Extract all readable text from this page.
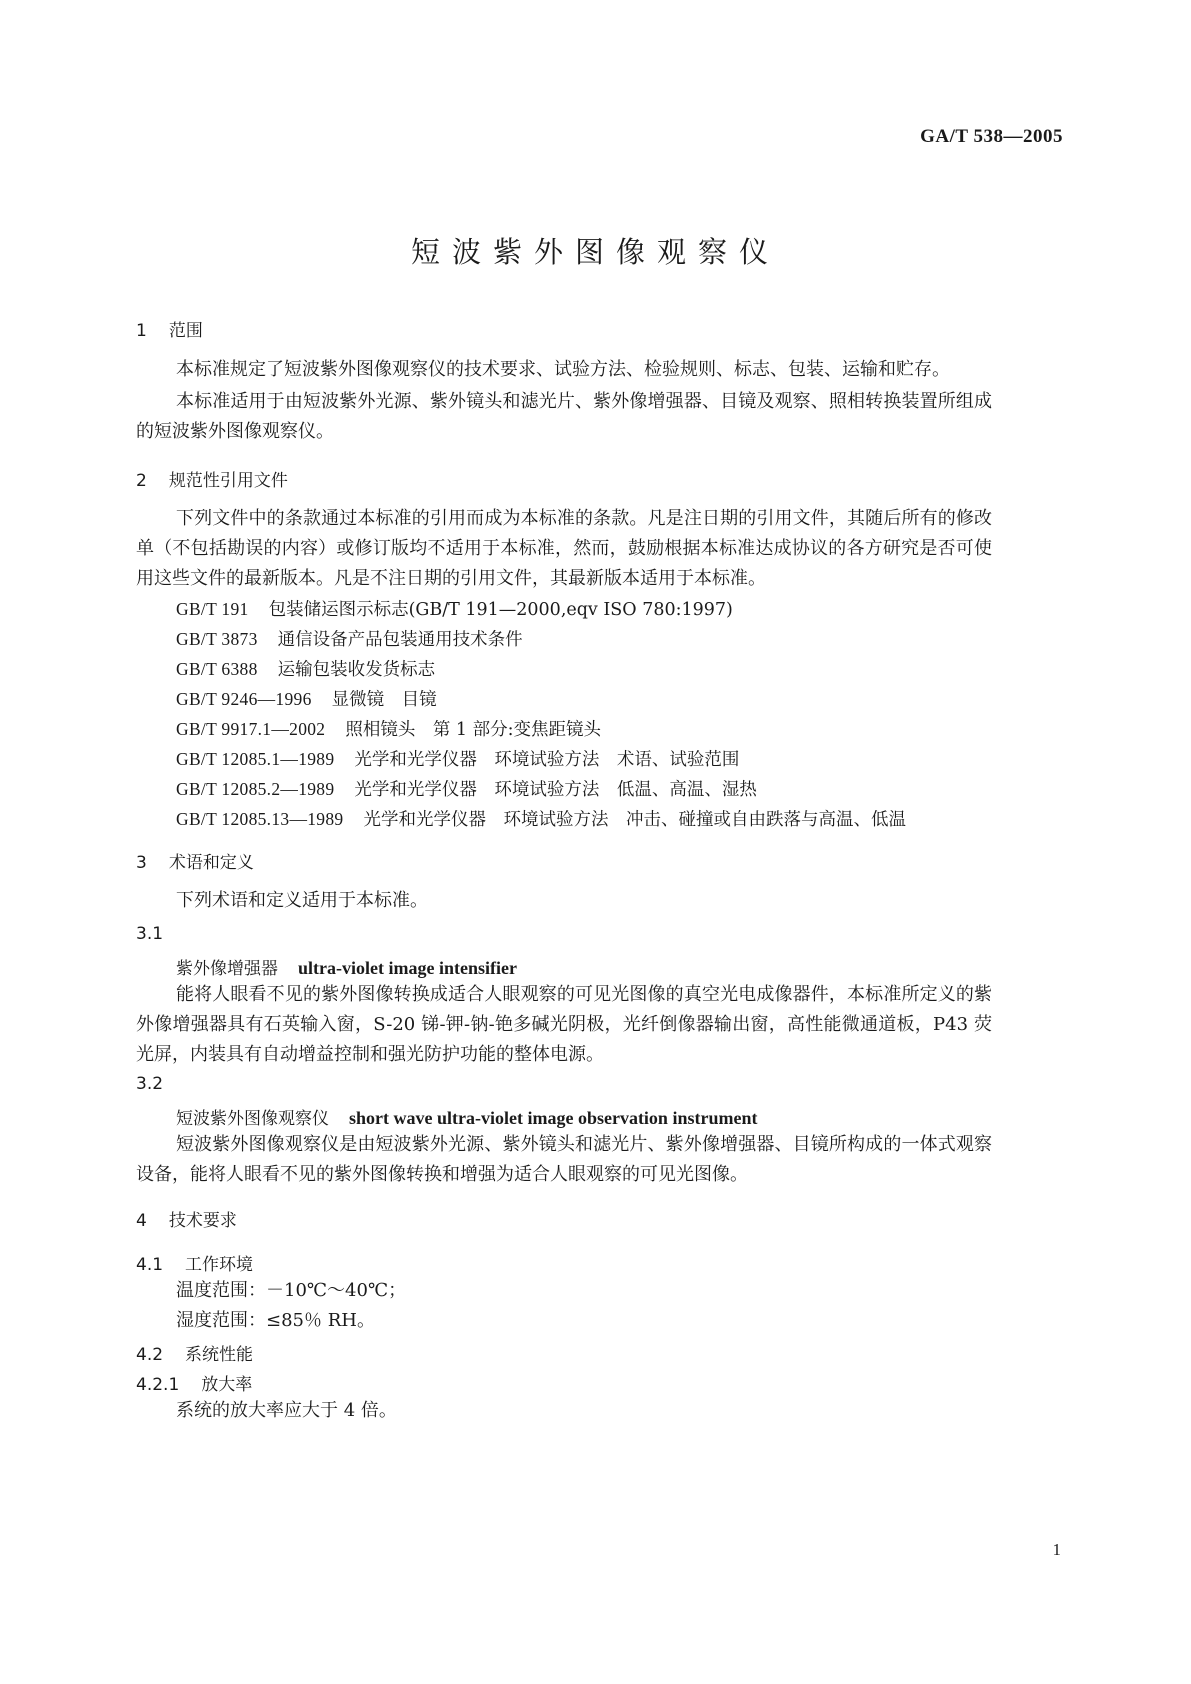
GA/T 538—2005
短波紫外图像观察仪
1 范围
本标准规定了短波紫外图像观察仪的技术要求、试验方法、检验规则、标志、包装、运输和贮存。
本标准适用于由短波紫外光源、紫外镜头和滤光片、紫外像增强器、目镜及观察、照相转换装置所组成的短波紫外图像观察仪。
2 规范性引用文件
下列文件中的条款通过本标准的引用而成为本标准的条款。凡是注日期的引用文件，其随后所有的修改单（不包括勘误的内容）或修订版均不适用于本标准，然而，鼓励根据本标准达成协议的各方研究是否可使用这些文件的最新版本。凡是不注日期的引用文件，其最新版本适用于本标准。
GB/T 191 包装储运图示标志(GB/T 191—2000,eqv ISO 780:1997)
GB/T 3873 通信设备产品包装通用技术条件
GB/T 6388 运输包装收发货标志
GB/T 9246—1996 显微镜　目镜
GB/T 9917.1—2002 照相镜头　第 1 部分:变焦距镜头
GB/T 12085.1—1989 光学和光学仪器　环境试验方法　术语、试验范围
GB/T 12085.2—1989 光学和光学仪器　环境试验方法　低温、高温、湿热
GB/T 12085.13—1989 光学和光学仪器　环境试验方法　冲击、碰撞或自由跌落与高温、低温
3 术语和定义
下列术语和定义适用于本标准。
3.1
紫外像增强器 ultra-violet image intensifier
能将人眼看不见的紫外图像转换成适合人眼观察的可见光图像的真空光电成像器件，本标准所定义的紫外像增强器具有石英输入窗，S-20 锑-钾-钠-铯多碱光阴极，光纤倒像器输出窗，高性能微通道板，P43 荧光屏，内装具有自动增益控制和强光防护功能的整体电源。
3.2
短波紫外图像观察仪 short wave ultra-violet image observation instrument
短波紫外图像观察仪是由短波紫外光源、紫外镜头和滤光片、紫外像增强器、目镜所构成的一体式观察设备，能将人眼看不见的紫外图像转换和增强为适合人眼观察的可见光图像。
4 技术要求
4.1 工作环境
温度范围：－10℃～40℃；
湿度范围：≤85％ RH。
4.2 系统性能
4.2.1 放大率
系统的放大率应大于 4 倍。
1
